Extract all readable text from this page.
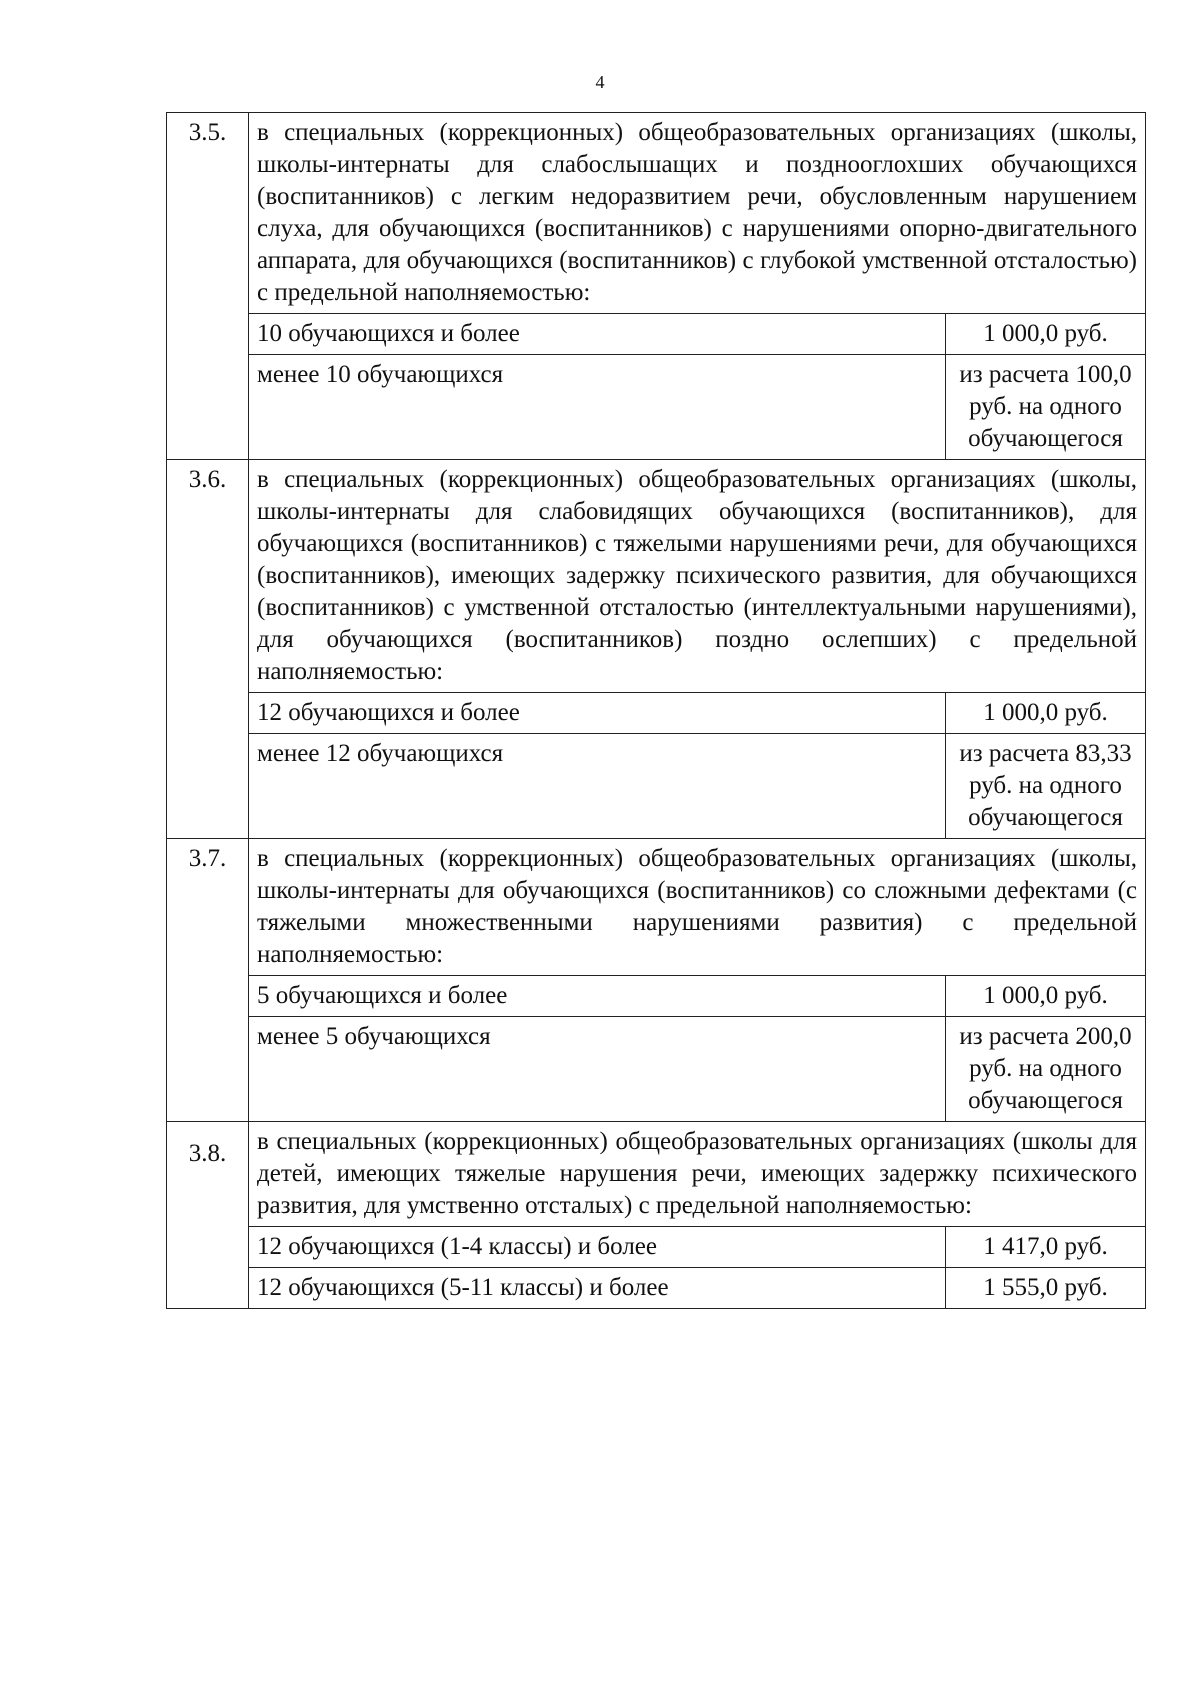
4
3.5.	в специальных (коррекционных) общеобразовательных организациях (школы, школы-интернаты для слабослышащих и позднооглохших обучающихся (воспитанников) с легким недоразвитием речи, обусловленным нарушением слуха, для обучающихся (воспитанников) с нарушениями опорно-двигательного аппарата, для обучающихся (воспитанников) с глубокой умственной отсталостью) с предельной наполняемостью:	
	10 обучающихся и более	1 000,0 руб.
	менее 10 обучающихся	из расчета 100,0 руб. на одного обучающегося
3.6.	в специальных (коррекционных) общеобразовательных организациях (школы, школы-интернаты для слабовидящих обучающихся (воспитанников), для обучающихся (воспитанников) с тяжелыми нарушениями речи, для обучающихся (воспитанников), имеющих задержку психического развития, для обучающихся (воспитанников) с умственной отсталостью (интеллектуальными нарушениями), для обучающихся (воспитанников) поздно ослепших) с предельной наполняемостью:	
	12 обучающихся и более	1 000,0 руб.
	менее 12 обучающихся	из расчета 83,33 руб. на одного обучающегося
3.7.	в специальных (коррекционных) общеобразовательных организациях (школы, школы-интернаты для обучающихся (воспитанников) со сложными дефектами (с тяжелыми множественными нарушениями развития) с предельной наполняемостью:	
	5 обучающихся и более	1 000,0 руб.
	менее 5 обучающихся	из расчета 200,0 руб. на одного обучающегося
3.8.	в специальных (коррекционных) общеобразовательных организациях (школы для детей, имеющих тяжелые нарушения речи, имеющих задержку психического развития, для умственно отсталых) с предельной наполняемостью:	
	12 обучающихся (1-4 классы) и более	1 417,0 руб.
	12 обучающихся (5-11 классы) и более	1 555,0 руб.
